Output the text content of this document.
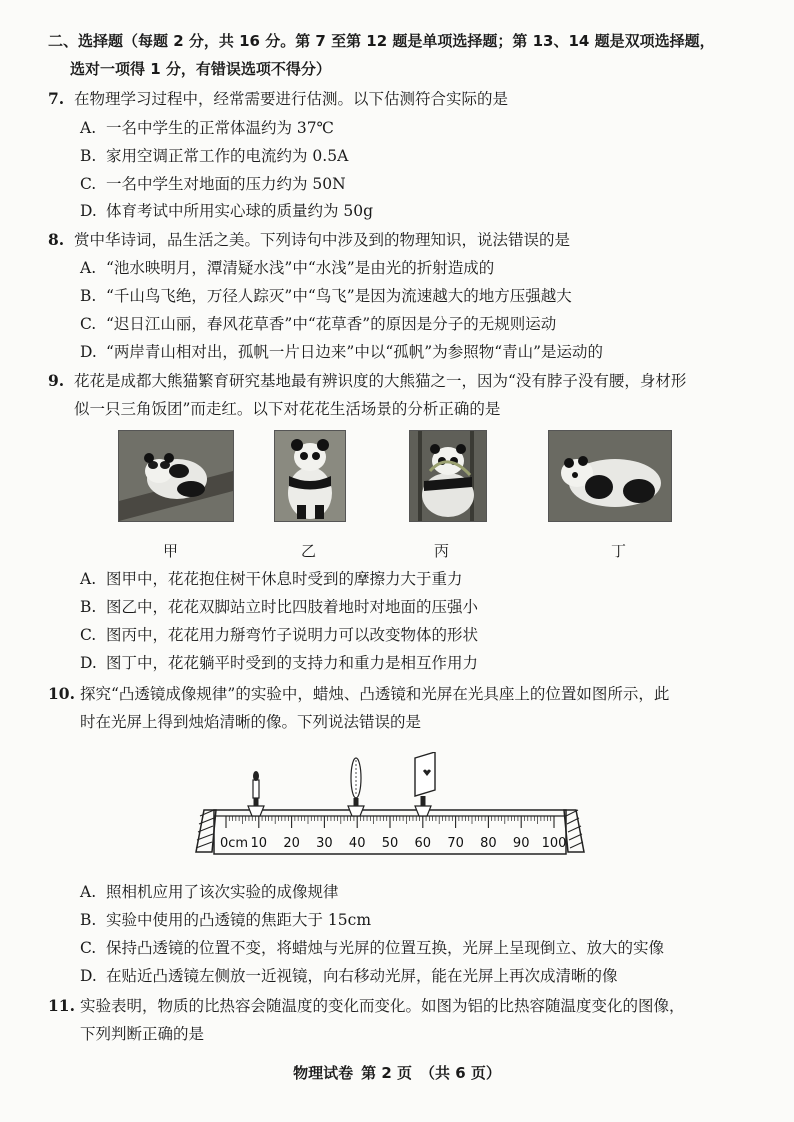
二、选择题（每题 2 分，共 16 分。第 7 至第 12 题是单项选择题；第 13、14 题是双项选择题，
选对一项得 1 分，有错误选项不得分）
7. 在物理学习过程中，经常需要进行估测。以下估测符合实际的是
A. 一名中学生的正常体温约为 37℃
B. 家用空调正常工作的电流约为 0.5A
C. 一名中学生对地面的压力约为 50N
D. 体育考试中所用实心球的质量约为 50g
8. 赏中华诗词，品生活之美。下列诗句中涉及到的物理知识，说法错误的是
A. “池水映明月，潭清疑水浅”中“水浅”是由光的折射造成的
B. “千山鸟飞绝，万径人踪灭”中“鸟飞”是因为流速越大的地方压强越大
C. “迟日江山丽，春风花草香”中“花草香”的原因是分子的无规则运动
D. “两岸青山相对出，孤帆一片日边来”中以“孤帆”为参照物“青山”是运动的
9. 花花是成都大熊猫繁育研究基地最有辨识度的大熊猫之一，因为“没有脖子没有腰，身材形
似一只三角饭团”而走红。以下对花花生活场景的分析正确的是
甲	乙	丙	丁
A. 图甲中，花花抱住树干休息时受到的摩擦力大于重力
B. 图乙中，花花双脚站立时比四肢着地时对地面的压强小
C. 图丙中，花花用力掰弯竹子说明力可以改变物体的形状
D. 图丁中，花花躺平时受到的支持力和重力是相互作用力
10. 探究“凸透镜成像规律”的实验中，蜡烛、凸透镜和光屏在光具座上的位置如图所示，此
时在光屏上得到烛焰清晰的像。下列说法错误的是
0cm 10 20 30 40 50 60 70 80 90 100
A. 照相机应用了该次实验的成像规律
B. 实验中使用的凸透镜的焦距大于 15cm
C. 保持凸透镜的位置不变，将蜡烛与光屏的位置互换，光屏上呈现倒立、放大的实像
D. 在贴近凸透镜左侧放一近视镜，向右移动光屏，能在光屏上再次成清晰的像
11. 实验表明，物质的比热容会随温度的变化而变化。如图为铝的比热容随温度变化的图像，
下列判断正确的是
物理试卷 第 2 页 （共 6 页）
